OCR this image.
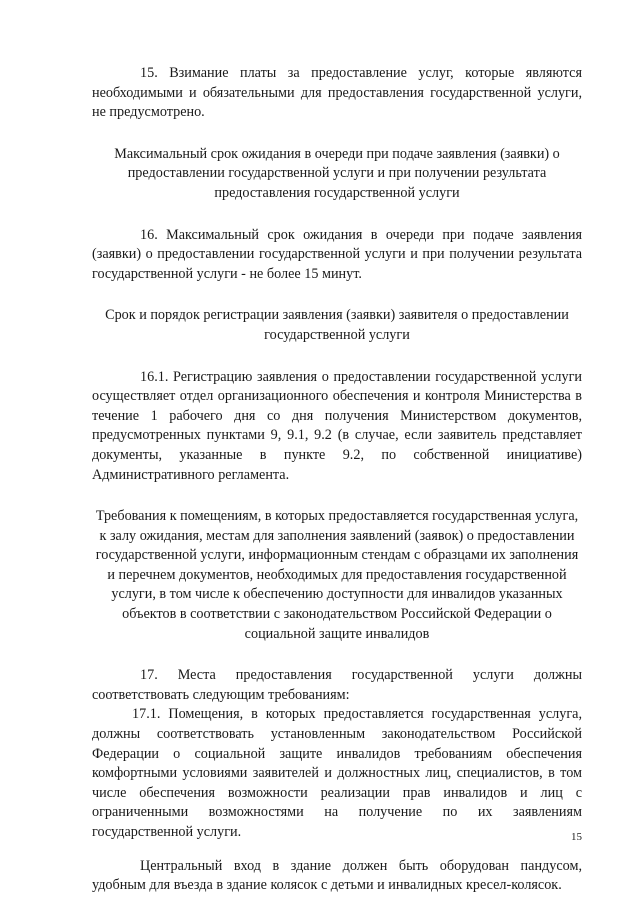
15. Взимание платы за предоставление услуг, которые являются необходимыми и обязательными для предоставления государственной услуги, не предусмотрено.

Максимальный срок ожидания в очереди при подаче заявления (заявки) о предоставлении государственной услуги и при получении результата предоставления государственной услуги

16. Максимальный срок ожидания в очереди при подаче заявления (заявки) о предоставлении государственной услуги и при получении результата государственной услуги - не более 15 минут.

Срок и порядок регистрации заявления (заявки) заявителя о предоставлении государственной услуги

16.1. Регистрацию заявления о предоставлении государственной услуги осуществляет отдел организационного обеспечения и контроля Министерства в течение 1 рабочего дня со дня получения Министерством документов, предусмотренных пунктами 9, 9.1, 9.2 (в случае, если заявитель представляет документы, указанные в пункте 9.2, по собственной инициативе) Административного регламента.

Требования к помещениям, в которых предоставляется государственная услуга, к залу ожидания, местам для заполнения заявлений (заявок) о предоставлении государственной услуги, информационным стендам с образцами их заполнения и перечнем документов, необходимых для предоставления государственной услуги, в том числе к обеспечению доступности для инвалидов указанных объектов в соответствии с законодательством Российской Федерации о социальной защите инвалидов

17. Места предоставления государственной услуги должны соответствовать следующим требованиям:

17.1. Помещения, в которых предоставляется государственная услуга, должны соответствовать установленным законодательством Российской Федерации о социальной защите инвалидов требованиям обеспечения комфортными условиями заявителей и должностных лиц, специалистов, в том числе обеспечения возможности реализации прав инвалидов и лиц с ограниченными возможностями на получение по их заявлениям государственной услуги.

Центральный вход в здание должен быть оборудован пандусом, удобным для въезда в здание колясок с детьми и инвалидных кресел-колясок.

15
